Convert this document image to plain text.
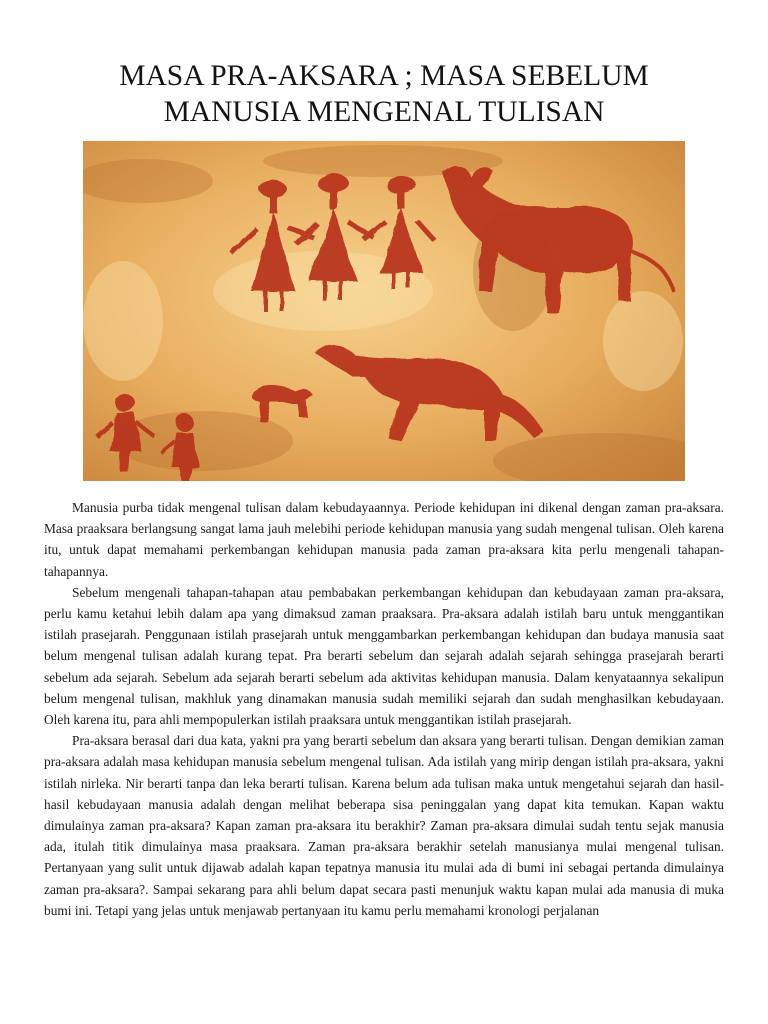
MASA PRA-AKSARA ; MASA SEBELUM
MANUSIA MENGENAL TULISAN

Manusia purba tidak mengenal tulisan dalam kebudayaannya. Periode kehidupan ini dikenal dengan zaman pra-aksara. Masa praaksara berlangsung sangat lama jauh melebihi periode kehidupan manusia yang sudah mengenal tulisan. Oleh karena itu, untuk dapat memahami perkembangan kehidupan manusia pada zaman pra-aksara kita perlu mengenali tahapan-tahapannya.

Sebelum mengenali tahapan-tahapan atau pembabakan perkembangan kehidupan dan kebudayaan zaman pra-aksara, perlu kamu ketahui lebih dalam apa yang dimaksud zaman praaksara. Pra-aksara adalah istilah baru untuk menggantikan istilah prasejarah. Penggunaan istilah prasejarah untuk menggambarkan perkembangan kehidupan dan budaya manusia saat belum mengenal tulisan adalah kurang tepat. Pra berarti sebelum dan sejarah adalah sejarah sehingga prasejarah berarti sebelum ada sejarah. Sebelum ada sejarah berarti sebelum ada aktivitas kehidupan manusia. Dalam kenyataannya sekalipun belum mengenal tulisan, makhluk yang dinamakan manusia sudah memiliki sejarah dan sudah menghasilkan kebudayaan. Oleh karena itu, para ahli mempopulerkan istilah praaksara untuk menggantikan istilah prasejarah.

Pra-aksara berasal dari dua kata, yakni pra yang berarti sebelum dan aksara yang berarti tulisan. Dengan demikian zaman pra-aksara adalah masa kehidupan manusia sebelum mengenal tulisan. Ada istilah yang mirip dengan istilah pra-aksara, yakni istilah nirleka. Nir berarti tanpa dan leka berarti tulisan. Karena belum ada tulisan maka untuk mengetahui sejarah dan hasil-hasil kebudayaan manusia adalah dengan melihat beberapa sisa peninggalan yang dapat kita temukan. Kapan waktu dimulainya zaman pra-aksara? Kapan zaman pra-aksara itu berakhir? Zaman pra-aksara dimulai sudah tentu sejak manusia ada, itulah titik dimulainya masa praaksara. Zaman pra-aksara berakhir setelah manusianya mulai mengenal tulisan. Pertanyaan yang sulit untuk dijawab adalah kapan tepatnya manusia itu mulai ada di bumi ini sebagai pertanda dimulainya zaman pra-aksara?. Sampai sekarang para ahli belum dapat secara pasti menunjuk waktu kapan mulai ada manusia di muka bumi ini. Tetapi yang jelas untuk menjawab pertanyaan itu kamu perlu memahami kronologi perjalanan
